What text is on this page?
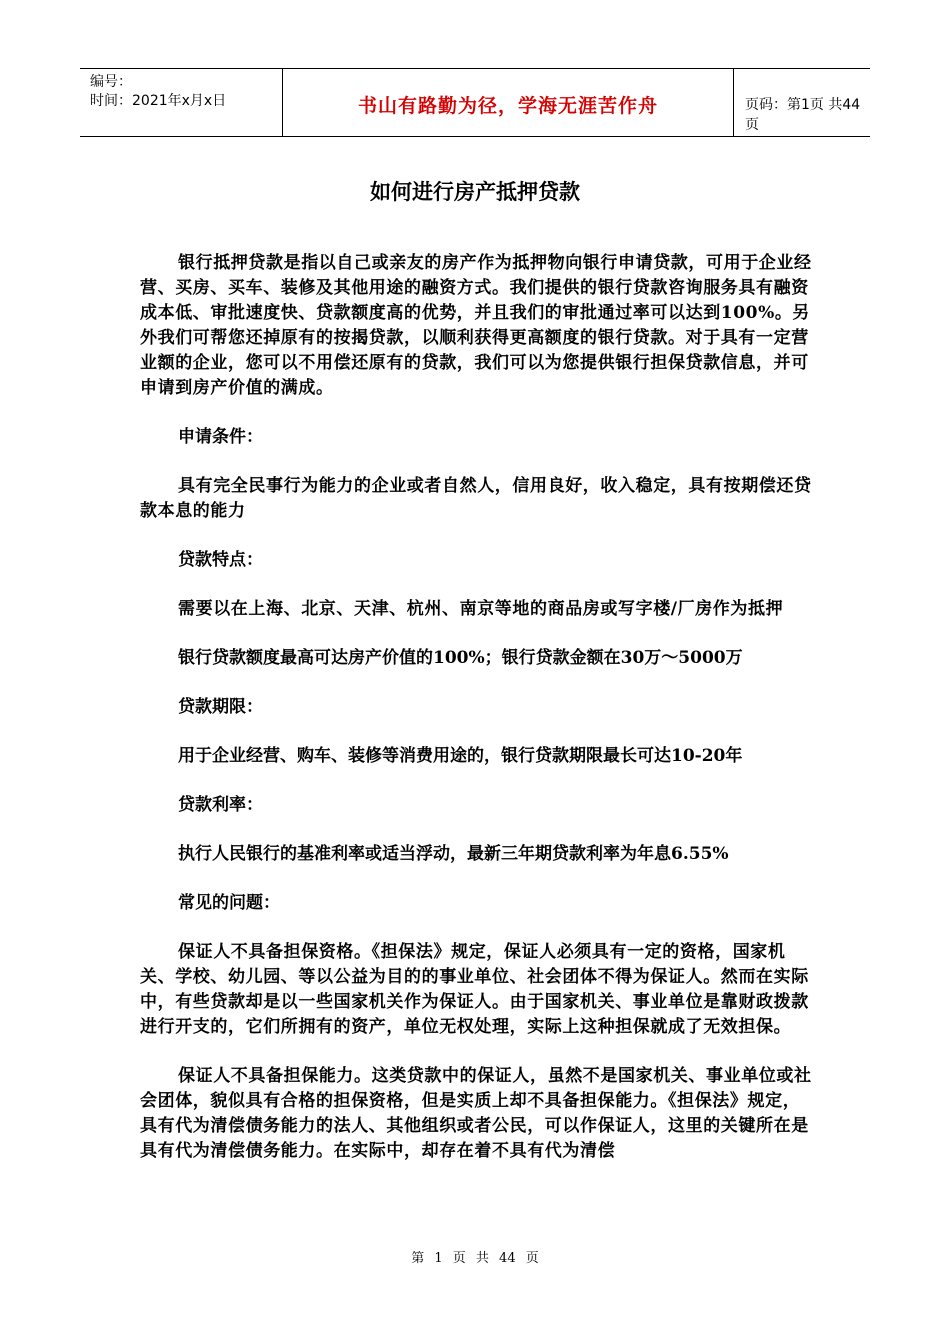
编号：
时间：2021年x月x日	书山有路勤为径，学海无涯苦作舟	页码：第1页 共44页
如何进行房产抵押贷款

银行抵押贷款是指以自己或亲友的房产作为抵押物向银行申请贷款，可用于企业经营、买房、买车、装修及其他用途的融资方式。我们提供的银行贷款咨询服务具有融资成本低、审批速度快、贷款额度高的优势，并且我们的审批通过率可以达到100%。另外我们可帮您还掉原有的按揭贷款，以顺利获得更高额度的银行贷款。对于具有一定营业额的企业，您可以不用偿还原有的贷款，我们可以为您提供银行担保贷款信息，并可申请到房产价值的满成。

申请条件：

具有完全民事行为能力的企业或者自然人，信用良好，收入稳定，具有按期偿还贷款本息的能力

贷款特点：

需要以在上海、北京、天津、杭州、南京等地的商品房或写字楼/厂房作为抵押

银行贷款额度最高可达房产价值的100%；银行贷款金额在30万～5000万

贷款期限：

用于企业经营、购车、装修等消费用途的，银行贷款期限最长可达10-20年

贷款利率：

执行人民银行的基准利率或适当浮动，最新三年期贷款利率为年息6.55%

常见的问题：

保证人不具备担保资格。《担保法》规定，保证人必须具有一定的资格，国家机关、学校、幼儿园、等以公益为目的的事业单位、社会团体不得为保证人。然而在实际中，有些贷款却是以一些国家机关作为保证人。由于国家机关、事业单位是靠财政拨款进行开支的，它们所拥有的资产，单位无权处理，实际上这种担保就成了无效担保。

保证人不具备担保能力。这类贷款中的保证人，虽然不是国家机关、事业单位或社会团体，貌似具有合格的担保资格，但是实质上却不具备担保能力。《担保法》规定，具有代为清偿债务能力的法人、其他组织或者公民，可以作保证人，这里的关键所在是具有代为清偿债务能力。在实际中，却存在着不具有代为清偿

第 1 页 共 44 页
